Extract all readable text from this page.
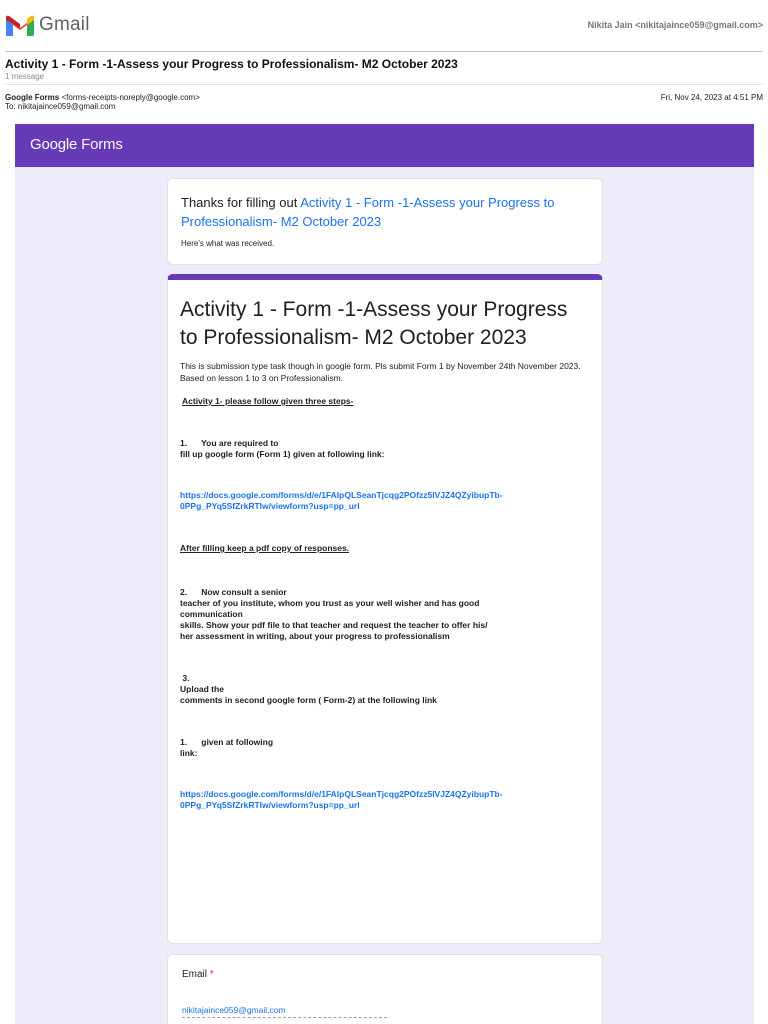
Gmail	Nikita Jain <nikitajaince059@gmail.com>
Activity 1 - Form -1-Assess your Progress to Professionalism- M2 October 2023
1 message
Google Forms <forms-receipts-noreply@google.com>
To: nikitajaince059@gmail.com
Fri, Nov 24, 2023 at 4:51 PM
Google Forms
Thanks for filling out Activity 1 - Form -1-Assess your Progress to Professionalism- M2 October 2023
Here's what was received.
Activity 1 - Form -1-Assess your Progress to Professionalism- M2 October 2023
This is submission type task though in google form. Pls submit Form 1 by November 24th November 2023. Based on lesson 1 to 3 on Professionalism.
Activity 1- please follow given three steps-
1.      You are required to
fill up google form (Form 1) given at following link:
https://docs.google.com/forms/d/e/1FAIpQLSeanTjcqg2POfzz5lVJZ4QZyibupTb-
0PPg_PYq5SfZrkRTlw/viewform?usp=pp_url
After filling keep a pdf copy of responses.
2.      Now consult a senior
teacher of you institute, whom you trust as your well wisher and has good
communication
skills. Show your pdf file to that teacher and request the teacher to offer his/
her assessment in writing, about your progress to professionalism
3.
Upload the
comments in second google form ( Form-2) at the following link
1.      given at following
link:
https://docs.google.com/forms/d/e/1FAIpQLSeanTjcqg2POfzz5lVJZ4QZyibupTb-
0PPg_PYq5SfZrkRTlw/viewform?usp=pp_url
Email *
nikitajaince059@gmail.com
